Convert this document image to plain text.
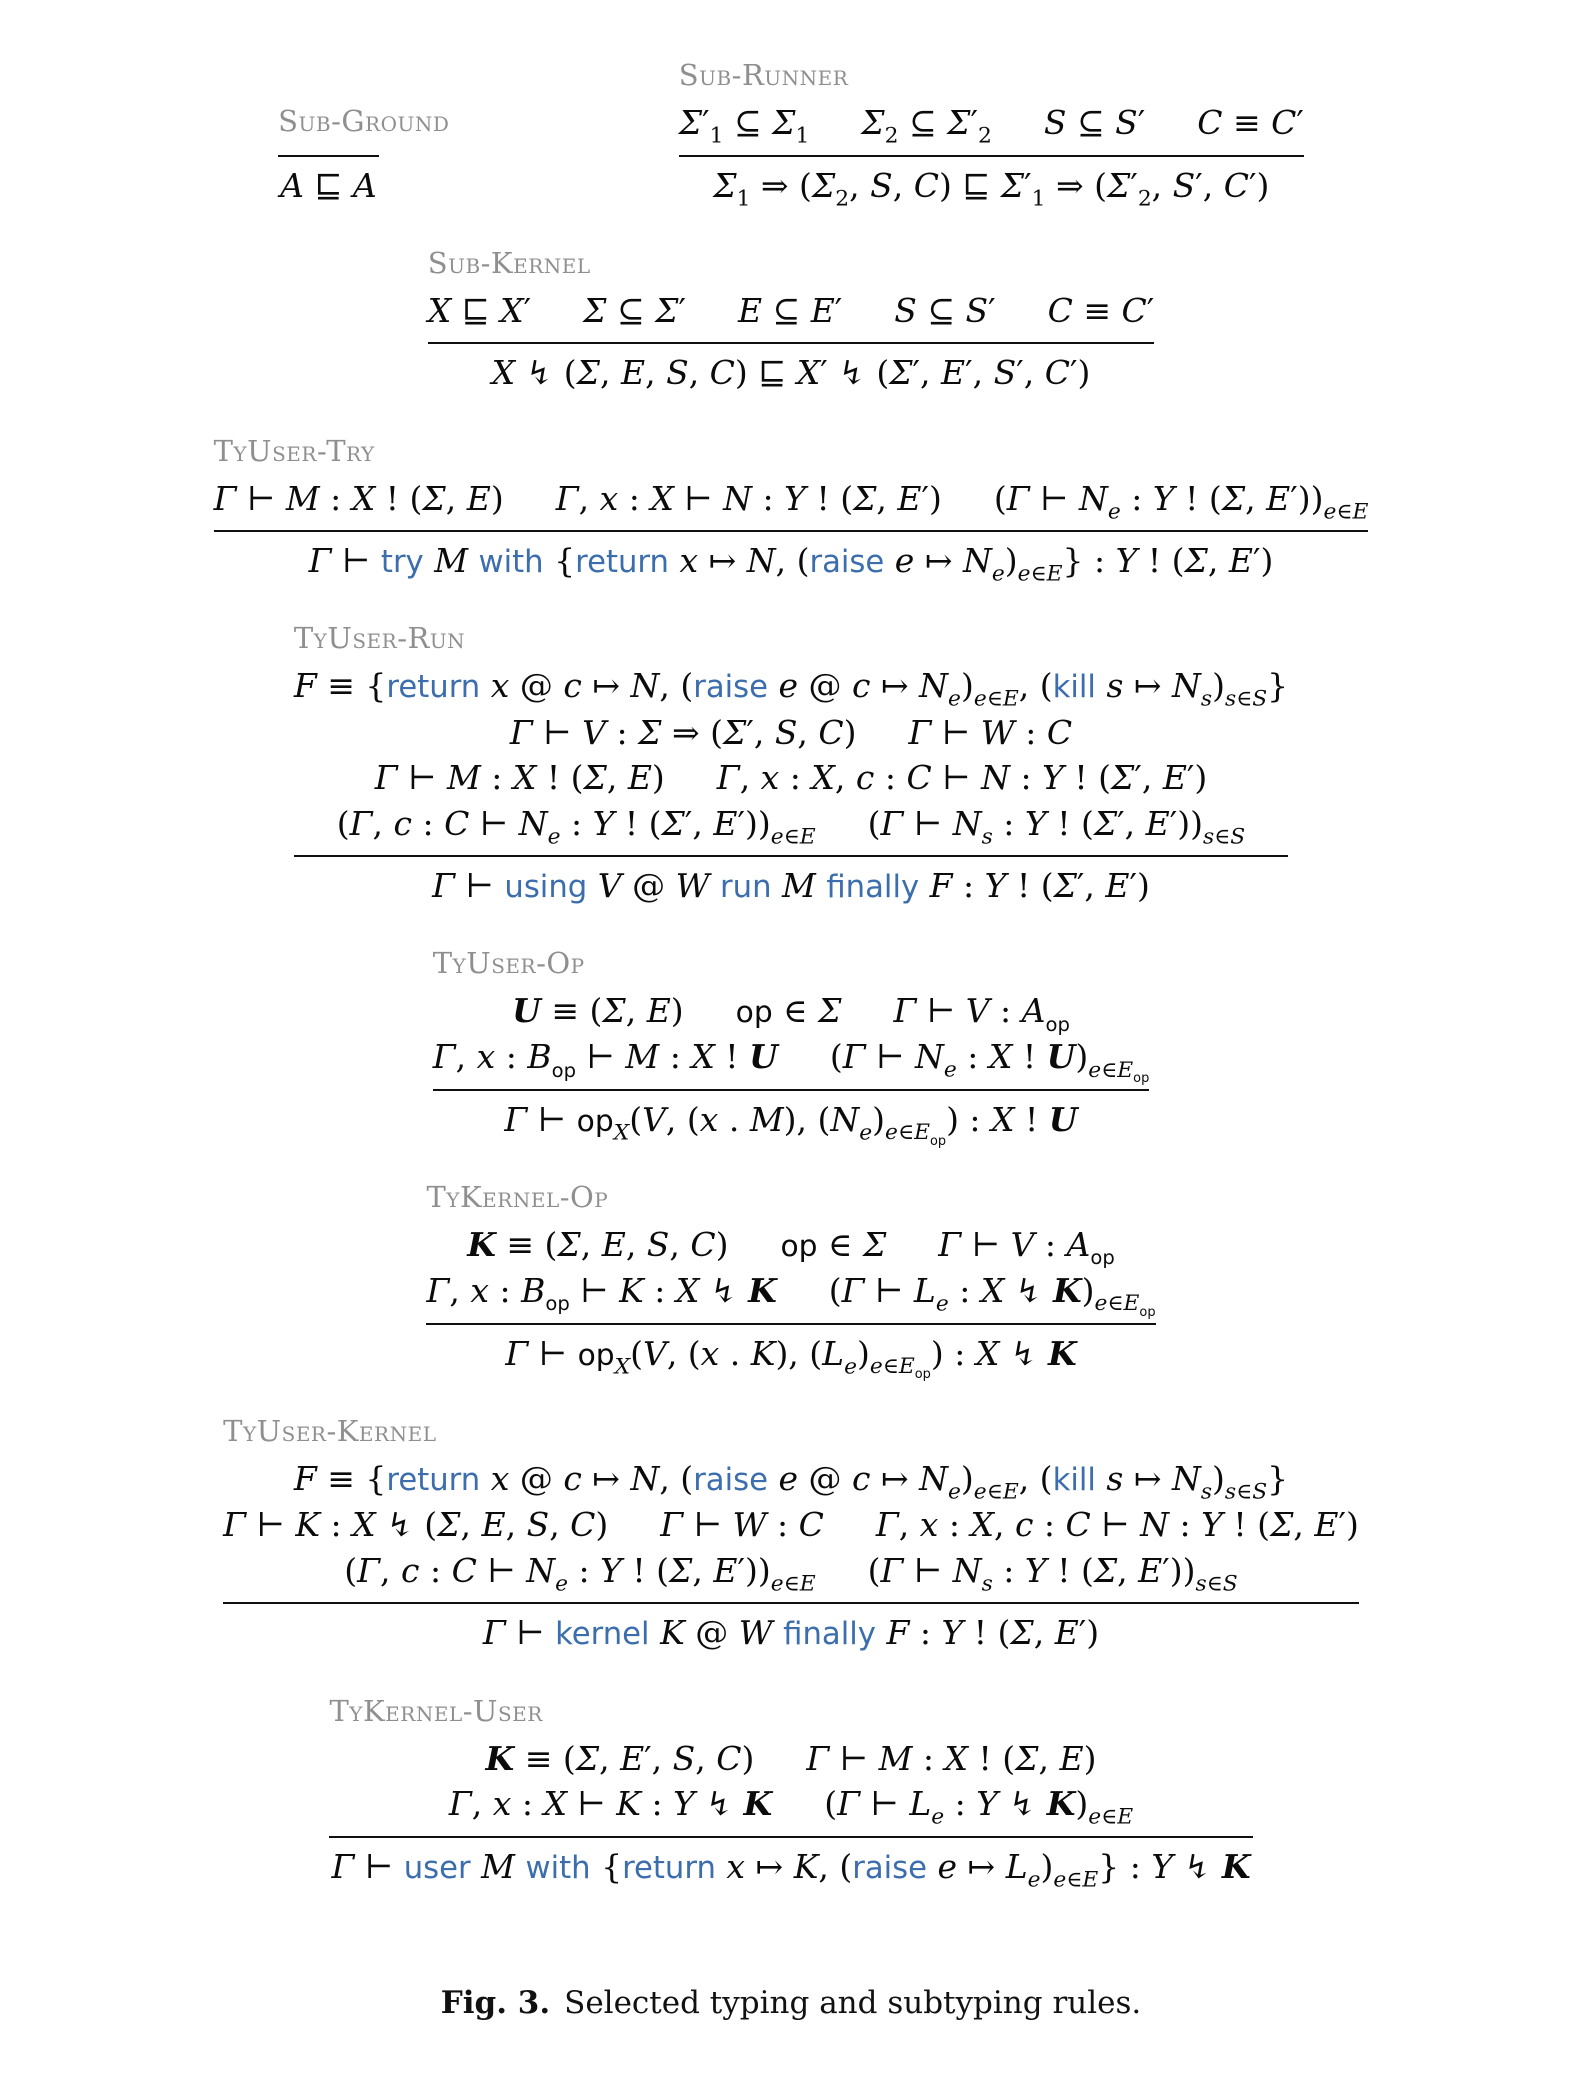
Sub-Ground
A ⊑ A
Sub-Runner
$\Sigma'_1$ ⊆ $\Sigma_1$ $\Sigma_2$ ⊆ $\Sigma'_2$ S ⊆ S′ C ≡ C′
$\Sigma_1$ ⇒ ($\Sigma_2$, S, C) ⊑ $\Sigma'_1$ ⇒ ($\Sigma'_2$, S′, C′)
Sub-Kernel
X ⊑ X′ Σ ⊆ Σ′ E ⊆ E′ S ⊆ S′ C ≡ C′
X ↯ (Σ, E, S, C) ⊑ X′ ↯ (Σ′, E′, S′, C′)
TyUser-Try
Γ ⊢ M : X ! (Σ, E) Γ, x : X ⊢ N : Y ! (Σ, E′) (Γ ⊢ $N_e$ : Y ! (Σ, $E'))_{e\in E}$
Γ ⊢ try M with {return x ↦ N, (raise e ↦ $N_e)_{e\in E}$} : Y ! (Σ, E′)
TyUser-Run
F ≡ {return x @ c ↦ N, (raise e @ c ↦ $N_e)_{e\in E}$, (kill s ↦ $N_s)_{s\in S}$}
Γ ⊢ V : Σ ⇒ (Σ′, S, C) Γ ⊢ W : C
Γ ⊢ M : X ! (Σ, E) Γ, x : X, c : C ⊢ N : Y ! (Σ′, E′)
(Γ, c : C ⊢ $N_e$ : Y ! (Σ′, $E'))_{e\in E}$ (Γ ⊢ $N_s$ : Y ! (Σ′, $E'))_{s\in S}$
Γ ⊢ using V @ W run M finally F : Y ! (Σ′, E′)
TyUser-Op
U ≡ (Σ, E) op ∈ Σ Γ ⊢ V : $A_{op}$
Γ, x : $B_{op}$ ⊢ M : X ! U (Γ ⊢ $N_e$ : X ! $U)_{e\in E_{op}}$
Γ ⊢ $op_X(V$, (x . M), $(N_e)_{e\in E_{op}}$) : X ! U
TyKernel-Op
K ≡ (Σ, E, S, C) op ∈ Σ Γ ⊢ V : $A_{op}$
Γ, x : $B_{op}$ ⊢ K : X ↯ K (Γ ⊢ $L_e$ : X ↯ $K)_{e\in E_{op}}$
Γ ⊢ $op_X(V$, (x . K), $(L_e)_{e\in E_{op}}$) : X ↯ K
TyUser-Kernel
F ≡ {return x @ c ↦ N, (raise e @ c ↦ $N_e)_{e\in E}$, (kill s ↦ $N_s)_{s\in S}$}
Γ ⊢ K : X ↯ (Σ, E, S, C) Γ ⊢ W : C Γ, x : X, c : C ⊢ N : Y ! (Σ, E′)
(Γ, c : C ⊢ $N_e$ : Y ! (Σ, $E'))_{e\in E}$ (Γ ⊢ $N_s$ : Y ! (Σ, $E'))_{s\in S}$
Γ ⊢ kernel K @ W finally F : Y ! (Σ, E′)
TyKernel-User
K ≡ (Σ, E′, S, C) Γ ⊢ M : X ! (Σ, E)
Γ, x : X ⊢ K : Y ↯ K (Γ ⊢ $L_e$ : Y ↯ $K)_{e\in E}$
Γ ⊢ user M with {return x ↦ K, (raise e ↦ $L_e)_{e\in E}$} : Y ↯ K

Fig. 3. Selected typing and subtyping rules.
